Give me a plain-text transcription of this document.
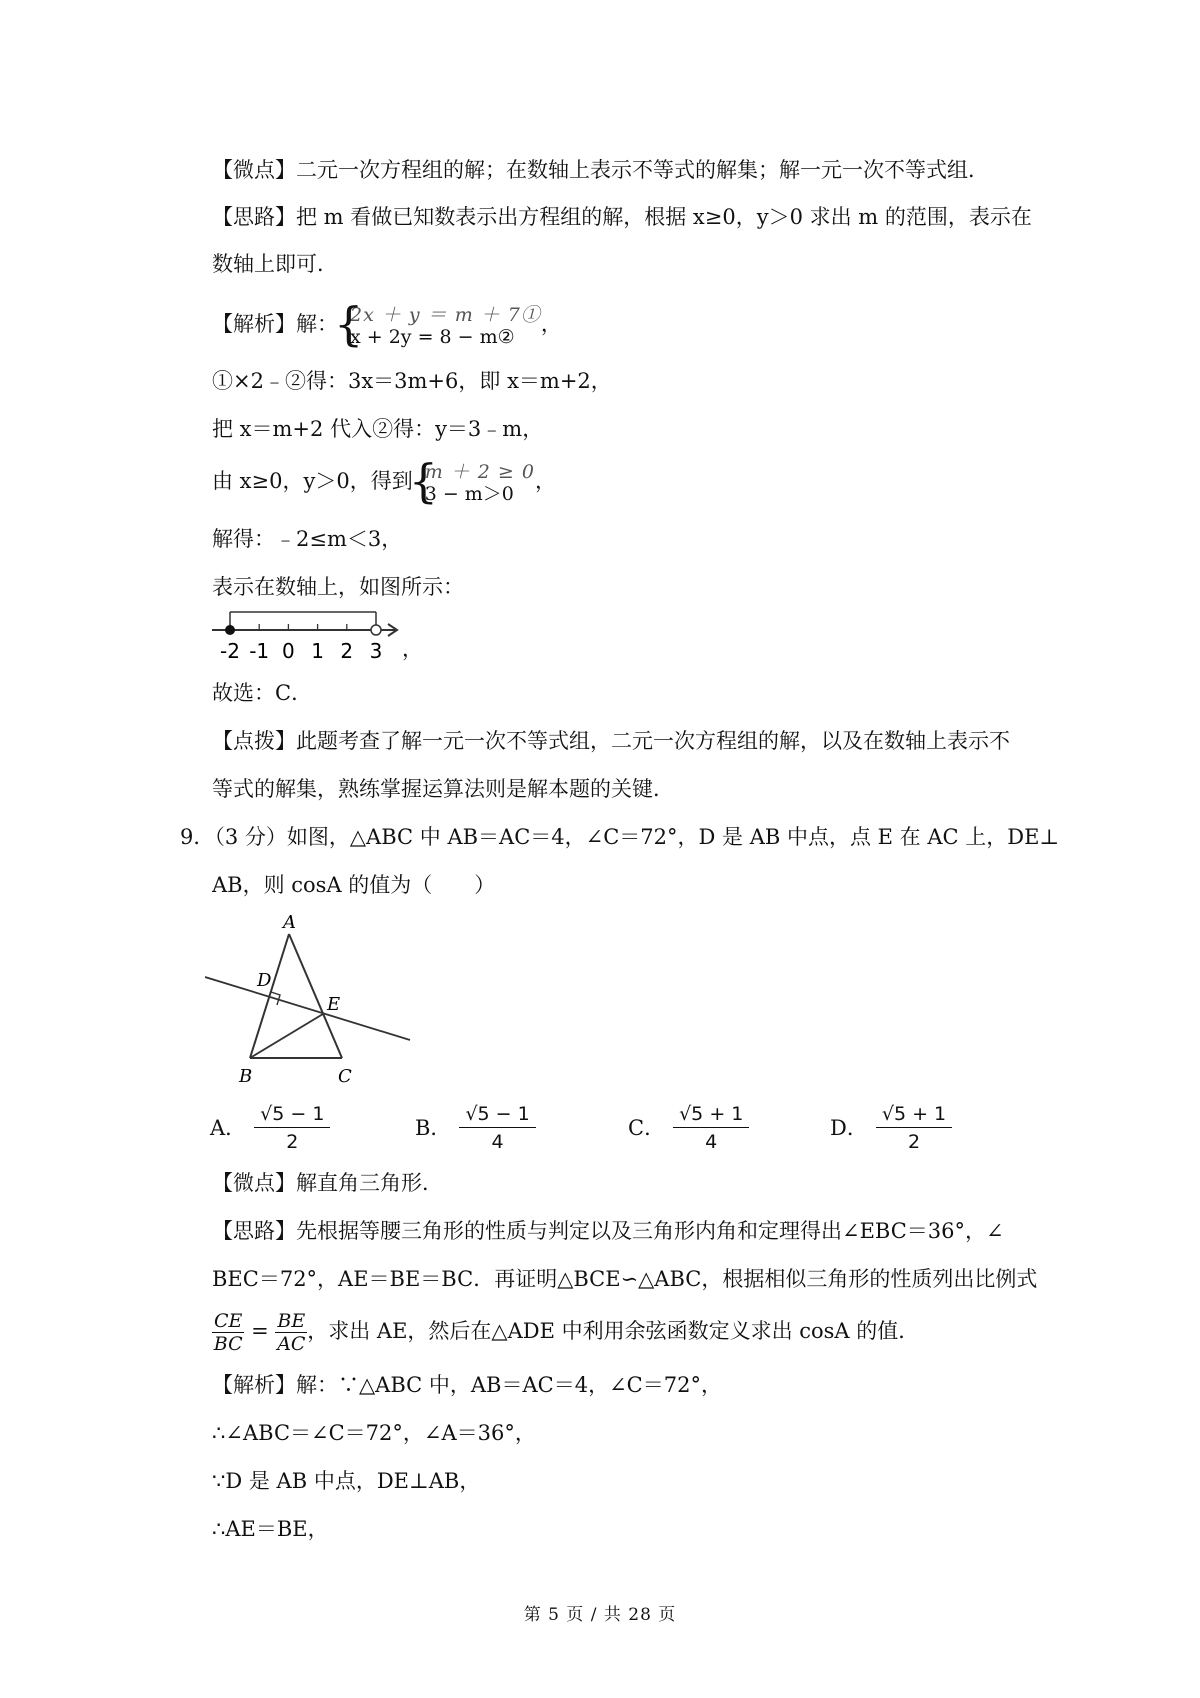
【微点】二元一次方程组的解；在数轴上表示不等式的解集；解一元一次不等式组．
【思路】把 m 看做已知数表示出方程组的解，根据 x≥0，y＞0 求出 m 的范围，表示在
数轴上即可．
【解析】解： { 2x ＋ y ＝ m ＋ 7①
x + 2y = 8 − m②
，
①×2﹣②得：3x＝3m+6，即 x＝m+2，
把 x＝m+2 代入②得：y＝3﹣m，
由 x≥0，y＞0，得到 { m ＋ 2 ≥ 0
3 − m＞0
，
解得：﹣2≤m＜3，
表示在数轴上，如图所示：
-2 -1 0 1 2 3 ，
故选：C．
【点拨】此题考查了解一元一次不等式组，二元一次方程组的解，以及在数轴上表示不
等式的解集，熟练掌握运算法则是解本题的关键．
9．（3 分）如图，△ABC 中 AB＝AC＝4，∠C＝72°，D 是 AB 中点，点 E 在 AC 上，DE⊥
AB，则 cosA 的值为（　　）
A
D
E
B	C
A． $\frac{√5 - 1}{2}$	B． $\frac{√5 - 1}{4}$	C． $\frac{√5 + 1}{4}$	D． $\frac{√5 + 1}{2}$
【微点】解直角三角形．
【思路】先根据等腰三角形的性质与判定以及三角形内角和定理得出∠EBC＝36°，∠
BEC＝72°，AE＝BE＝BC．再证明△BCE∽△ABC，根据相似三角形的性质列出比例式
$\frac{CE}{BC} = \frac{BE}{AC}$ ，求出 AE，然后在△ADE 中利用余弦函数定义求出 cosA 的值．
【解析】解：∵△ABC 中，AB＝AC＝4，∠C＝72°，
∴∠ABC＝∠C＝72°，∠A＝36°，
∵D 是 AB 中点，DE⊥AB，
∴AE＝BE，
第 5 页 / 共 28 页
